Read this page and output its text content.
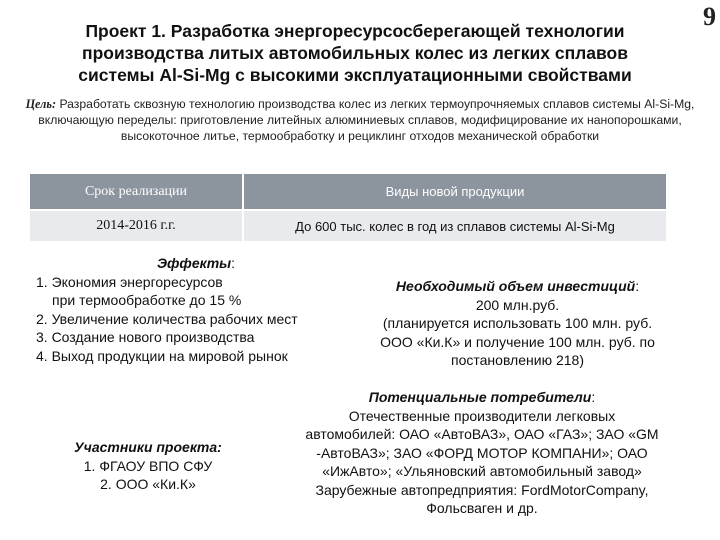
9
Проект 1. Разработка энергоресурсосберегающей технологии
производства литых автомобильных колес из легких сплавов
системы Al-Si-Mg с высокими эксплуатационными свойствами
Цель: Разработать сквозную технологию производства колес из легких термоупрочняемых сплавов системы Al-Si-Mg, включающую переделы: приготовление литейных алюминиевых сплавов, модифицирование их нанопорошками, высокоточное литье, термообработку и рециклинг отходов механической обработки
Срок реализации	Виды новой продукции
2014-2016 г.г.	До 600 тыс. колес в год из сплавов системы Al-Si-Mg
Эффекты:
1. Экономия энергоресурсов
при термообработке до 15 %
2. Увеличение количества рабочих мест
3. Создание нового производства
4. Выход продукции на мировой рынок
Необходимый объем инвестиций:
200 млн.руб.
(планируется использовать 100 млн. руб.
ООО «Ки.К» и получение 100 млн. руб. по
постановлению 218)
Участники проекта:
1. ФГАОУ ВПО СФУ
2. ООО «Ки.К»
Потенциальные потребители:
Отечественные производители легковых
автомобилей: ОАО «АвтоВАЗ», ОАО «ГАЗ»; ЗАО «GM
-АвтоВАЗ»; ЗАО «ФОРД МОТОР КОМПАНИ»; ОАО
«ИжАвто»; «Ульяновский автомобильный завод»
Зарубежные автопредприятия: FordMotorCompany,
Фольсваген и др.
